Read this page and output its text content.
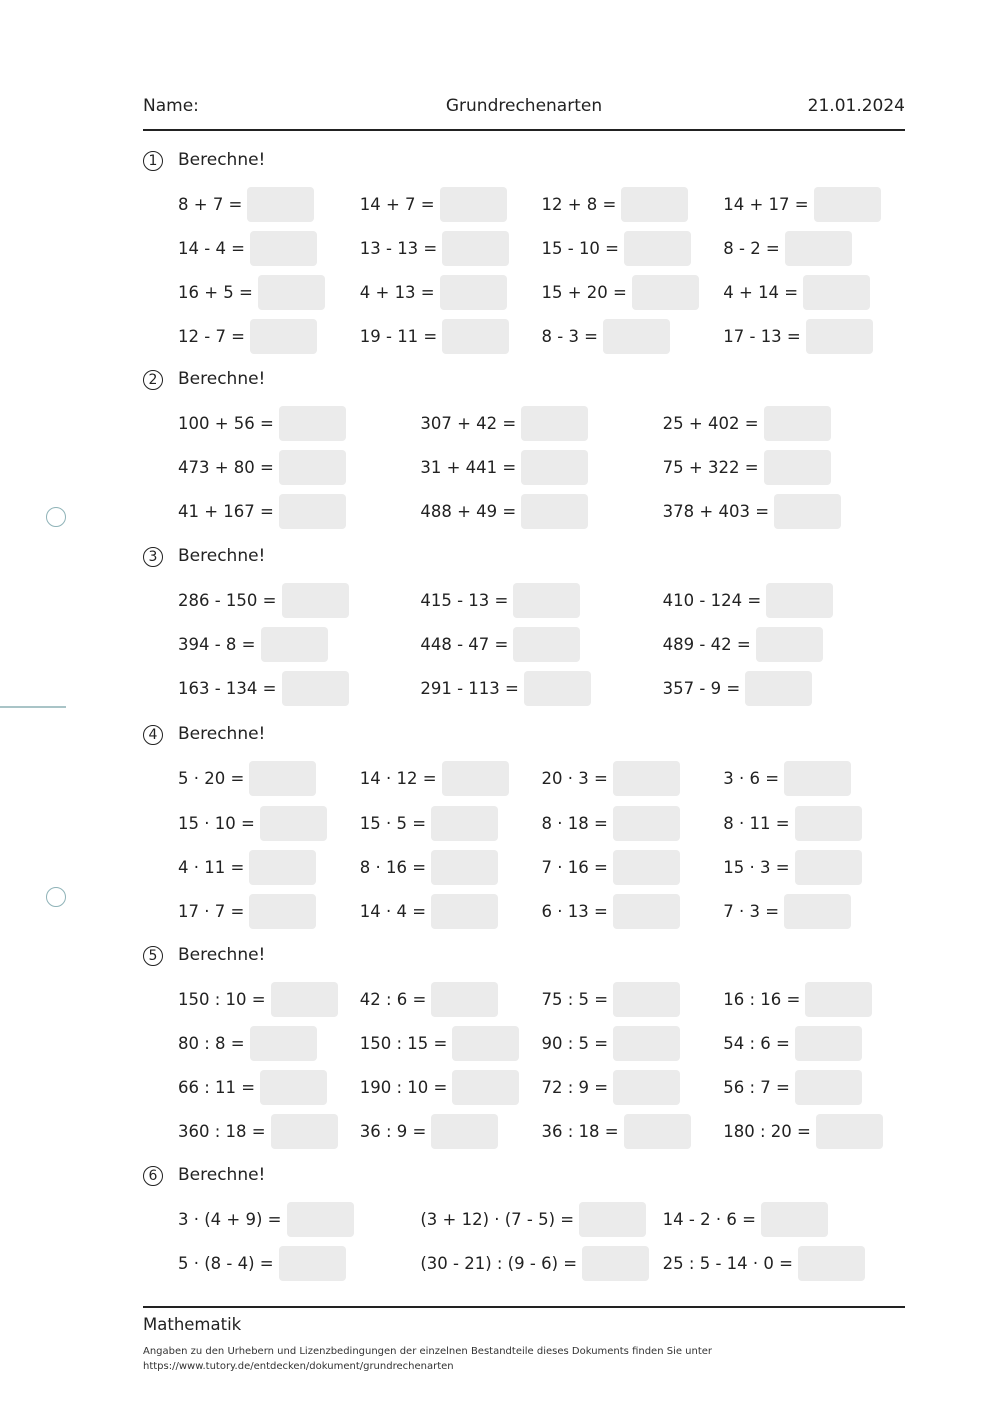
Grundrechenarten
Name:	21.01.2024
1	Berechne!
8 + 7 =	14 + 7 =	12 + 8 =	14 + 17 =
14 - 4 =	13 - 13 =	15 - 10 =	8 - 2 =
16 + 5 =	4 + 13 =	15 + 20 =	4 + 14 =
12 - 7 =	19 - 11 =	8 - 3 =	17 - 13 =
2	Berechne!
100 + 56 =	307 + 42 =	25 + 402 =
473 + 80 =	31 + 441 =	75 + 322 =
41 + 167 =	488 + 49 =	378 + 403 =
3	Berechne!
286 - 150 =	415 - 13 =	410 - 124 =
394 - 8 =	448 - 47 =	489 - 42 =
163 - 134 =	291 - 113 =	357 - 9 =
4	Berechne!
5 · 20 =	14 · 12 =	20 · 3 =	3 · 6 =
15 · 10 =	15 · 5 =	8 · 18 =	8 · 11 =
4 · 11 =	8 · 16 =	7 · 16 =	15 · 3 =
17 · 7 =	14 · 4 =	6 · 13 =	7 · 3 =
5	Berechne!
150 : 10 =	42 : 6 =	75 : 5 =	16 : 16 =
80 : 8 =	150 : 15 =	90 : 5 =	54 : 6 =
66 : 11 =	190 : 10 =	72 : 9 =	56 : 7 =
360 : 18 =	36 : 9 =	36 : 18 =	180 : 20 =
6	Berechne!
3 · (4 + 9) =	(3 + 12) · (7 - 5) =	14 - 2 · 6 =
5 · (8 - 4) =	(30 - 21) : (9 - 6) =	25 : 5 - 14 · 0 =
Mathematik
Angaben zu den Urhebern und Lizenzbedingungen der einzelnen Bestandteile dieses Dokuments finden Sie unter
https://www.tutory.de/entdecken/dokument/grundrechenarten
